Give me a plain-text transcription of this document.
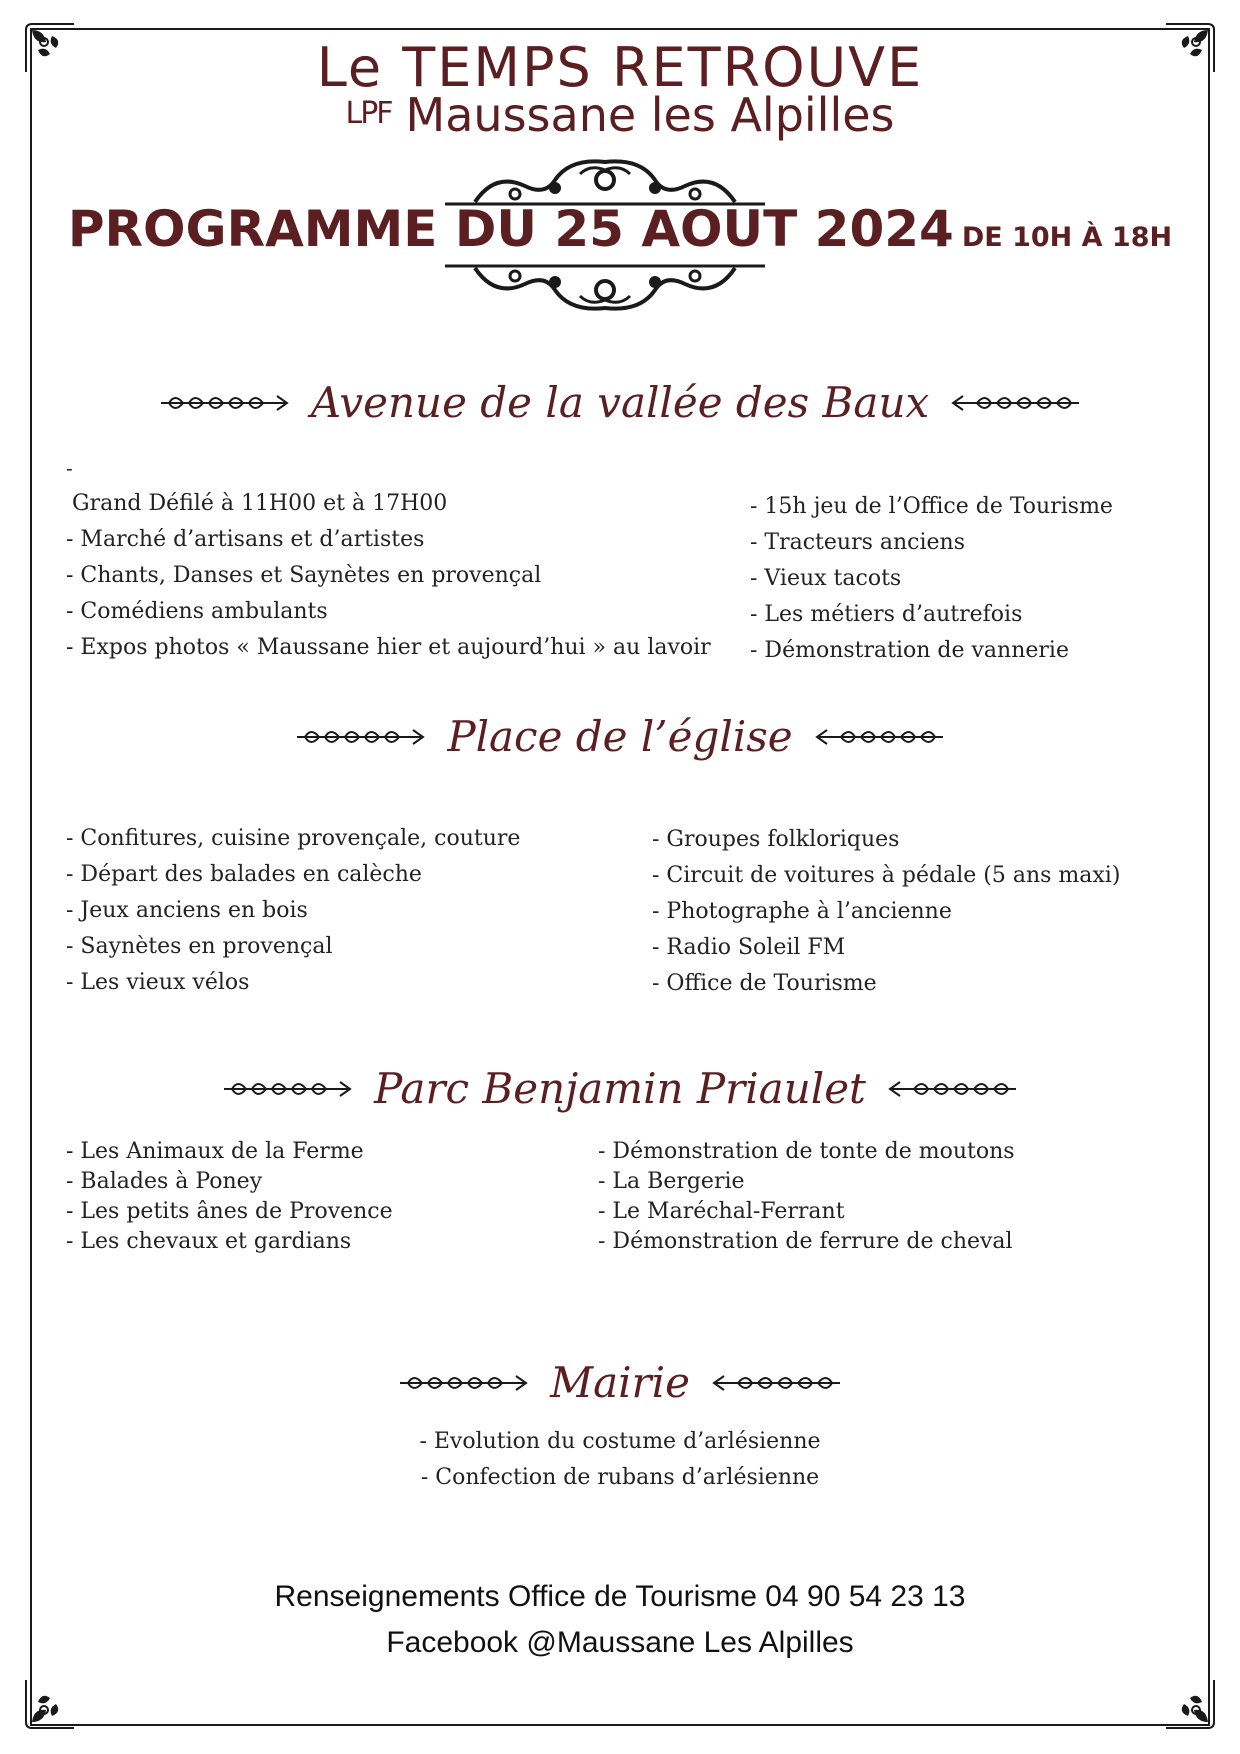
Le TEMPS RETROUVE
LPF Maussane les Alpilles
PROGRAMME DU 25 AOUT 2024 DE 10H À 18H
Avenue de la vallée des Baux
-
Grand Défilé à 11H00 et à 17H00
- Marché d’artisans et d’artistes
- Chants, Danses et Saynètes en provençal
- Comédiens ambulants
- Expos photos « Maussane hier et aujourd’hui » au lavoir
- 15h jeu de l’Office de Tourisme
- Tracteurs anciens
- Vieux tacots
- Les métiers d’autrefois
- Démonstration de vannerie
Place de l’église
- Confitures, cuisine provençale, couture
- Départ des balades en calèche
- Jeux anciens en bois
- Saynètes en provençal
- Les vieux vélos
- Groupes folkloriques
- Circuit de voitures à pédale (5 ans maxi)
- Photographe à l’ancienne
- Radio Soleil FM
- Office de Tourisme
Parc Benjamin Priaulet
- Les Animaux de la Ferme
- Balades à Poney
- Les petits ânes de Provence
- Les chevaux et gardians
- Démonstration de tonte de moutons
- La Bergerie
- Le Maréchal-Ferrant
- Démonstration de ferrure de cheval
Mairie
- Evolution du costume d’arlésienne
- Confection de rubans d’arlésienne
Renseignements Office de Tourisme 04 90 54 23 13
Facebook @Maussane Les Alpilles
